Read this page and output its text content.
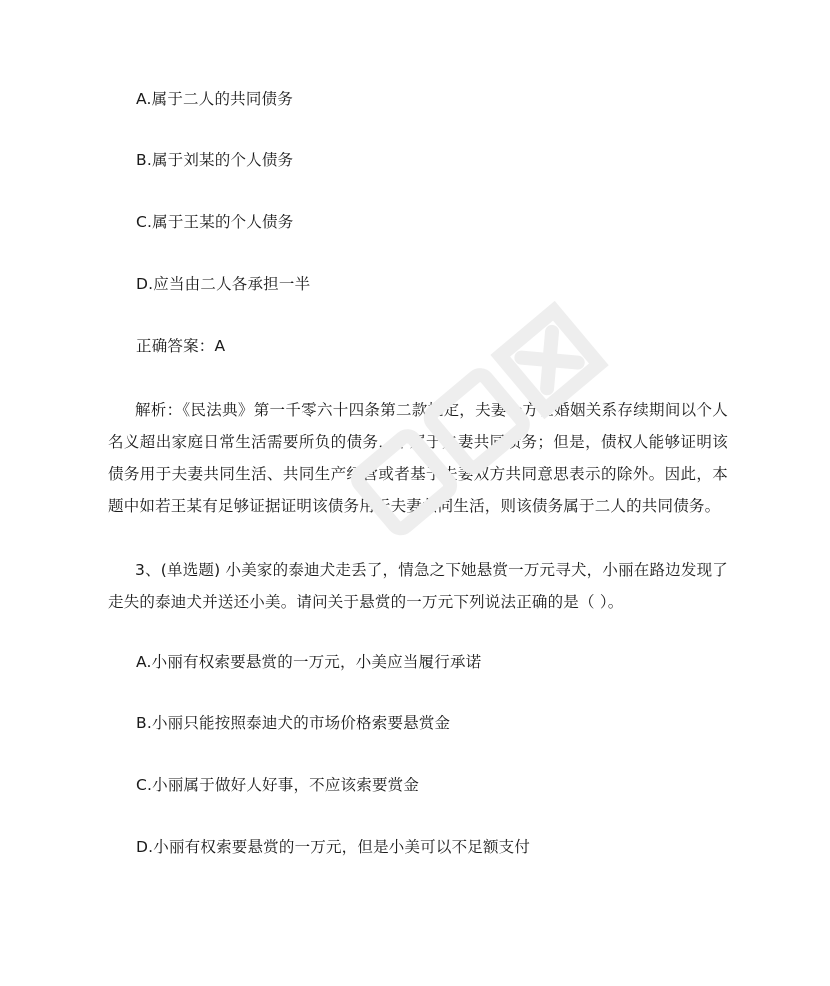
A.属于二人的共同债务
B.属于刘某的个人债务
C.属于王某的个人债务
D.应当由二人各承担一半
正确答案：A
解析：《民法典》第一千零六十四条第二款规定，夫妻一方在婚姻关系存续期间以个人名义超出家庭日常生活需要所负的债务，不属于夫妻共同债务；但是，债权人能够证明该债务用于夫妻共同生活、共同生产经营或者基于夫妻双方共同意思表示的除外。因此，本题中如若王某有足够证据证明该债务用于夫妻共同生活，则该债务属于二人的共同债务。
3、(单选题) 小美家的泰迪犬走丢了，情急之下她悬赏一万元寻犬，小丽在路边发现了走失的泰迪犬并送还小美。请问关于悬赏的一万元下列说法正确的是（ ）。
A.小丽有权索要悬赏的一万元，小美应当履行承诺
B.小丽只能按照泰迪犬的市场价格索要悬赏金
C.小丽属于做好人好事，不应该索要赏金
D.小丽有权索要悬赏的一万元，但是小美可以不足额支付
